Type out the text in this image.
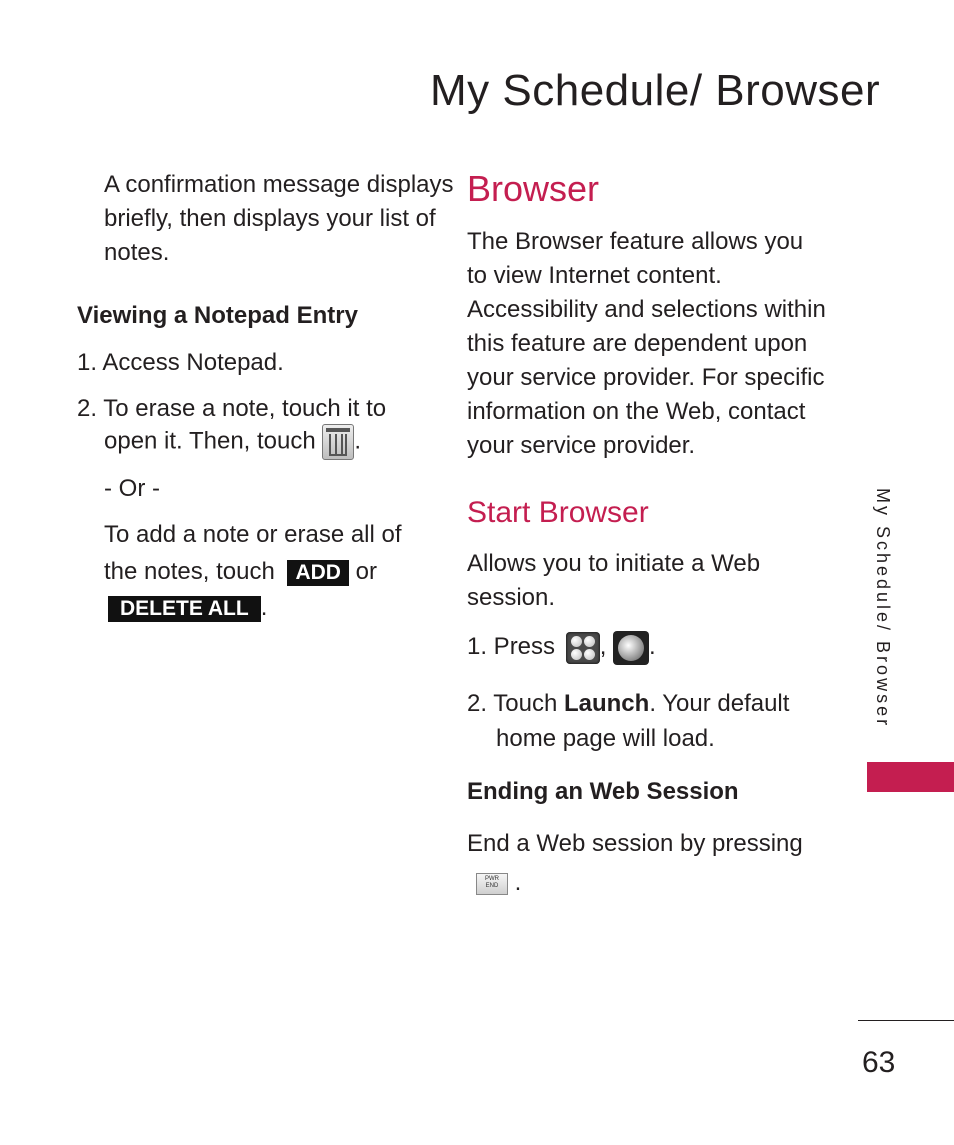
My Schedule/ Browser
A confirmation message displays
briefly, then displays your list of
notes.
Viewing a Notepad Entry
1. Access Notepad.
2. To erase a note, touch it to
open it. Then, touch .
- Or -
To add a note or erase all of
the notes, touch ADD or
DELETE ALL .
Browser
The Browser feature allows you
to view Internet content.
Accessibility and selections within
this feature are dependent upon
your service provider. For specific
information on the Web, contact
your service provider.
Start Browser
Allows you to initiate a Web
session.
1. Press , .
2. Touch Launch. Your default
home page will load.
Ending an Web Session
End a Web session by pressing
PWR
END .
My Schedule/ Browser
63
